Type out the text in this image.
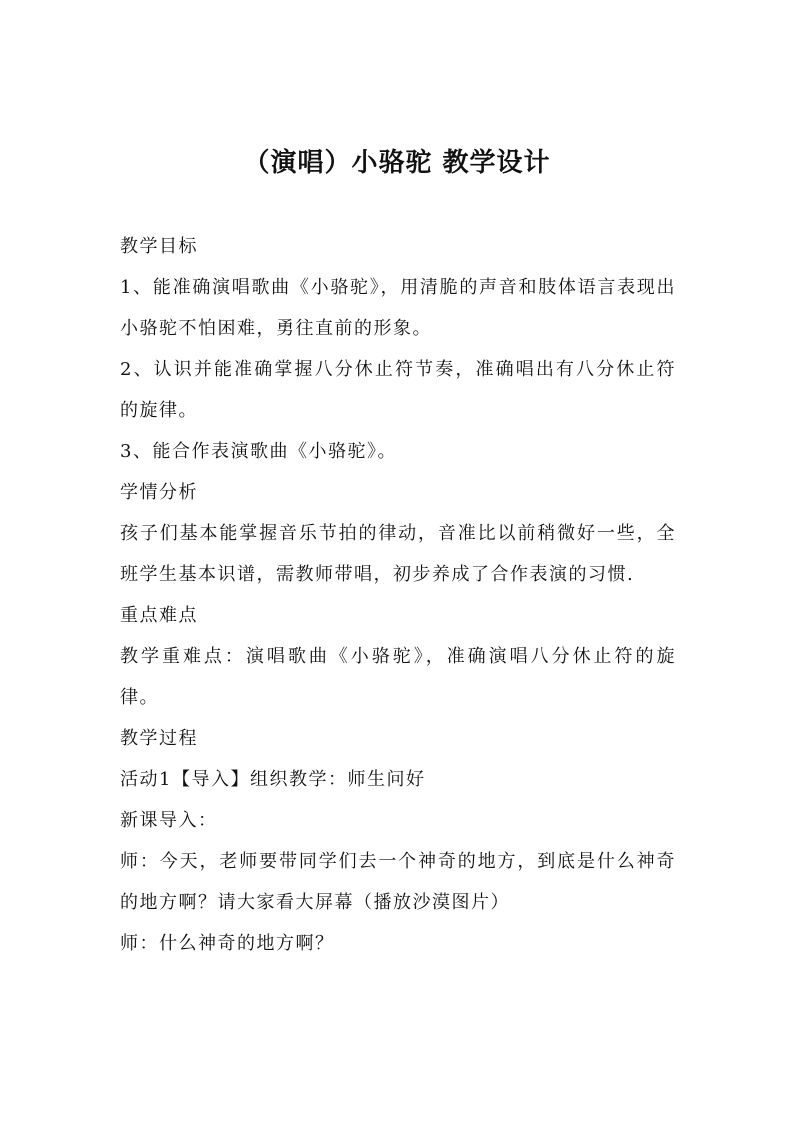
（演唱）小骆驼 教学设计

教学目标

1、能准确演唱歌曲《小骆驼》，用清脆的声音和肢体语言表现出小骆驼不怕困难，勇往直前的形象。

2、认识并能准确掌握八分休止符节奏，准确唱出有八分休止符的旋律。

3、能合作表演歌曲《小骆驼》。

学情分析

孩子们基本能掌握音乐节拍的律动，音准比以前稍微好一些，全班学生基本识谱，需教师带唱，初步养成了合作表演的习惯.

重点难点

教学重难点：演唱歌曲《小骆驼》，准确演唱八分休止符的旋律。

教学过程

活动1【导入】组织教学：师生问好

新课导入：

师：今天，老师要带同学们去一个神奇的地方，到底是什么神奇的地方啊？请大家看大屏幕（播放沙漠图片）

师：什么神奇的地方啊？
